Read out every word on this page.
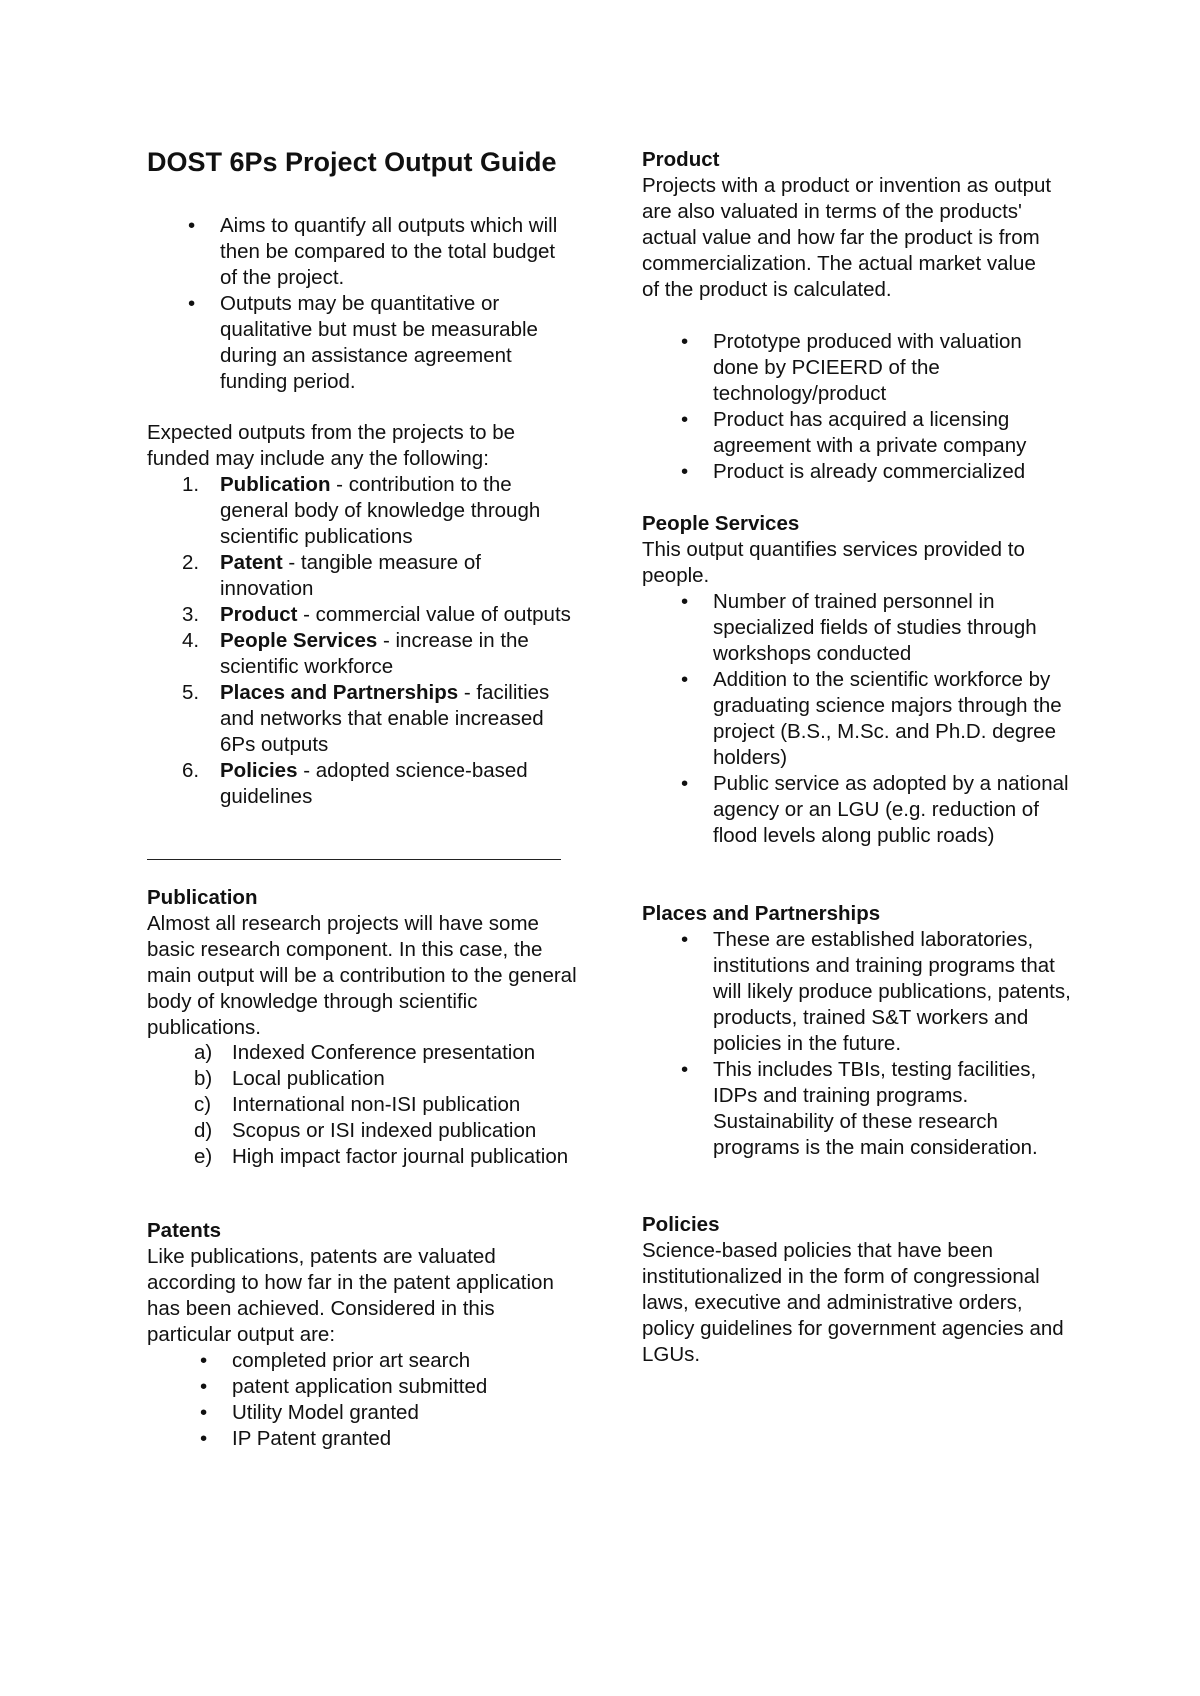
DOST 6Ps Project Output Guide
• Aims to quantify all outputs which will then be compared to the total budget of the project.
• Outputs may be quantitative or qualitative but must be measurable during an assistance agreement funding period.

Expected outputs from the projects to be funded may include any the following:

1. Publication - contribution to the general body of knowledge through scientific publications
2. Patent - tangible measure of innovation
3. Product - commercial value of outputs
4. People Services - increase in the scientific workforce
5. Places and Partnerships - facilities and networks that enable increased 6Ps outputs
6. Policies - adopted science-based guidelines
Publication

Almost all research projects will have some basic research component. In this case, the main output will be a contribution to the general body of knowledge through scientific publications.

a) Indexed Conference presentation
b) Local publication
c) International non-ISI publication
d) Scopus or ISI indexed publication
e) High impact factor journal publication
Patents

Like publications, patents are valuated according to how far in the patent application has been achieved. Considered in this particular output are:

• completed prior art search
• patent application submitted
• Utility Model granted
• IP Patent granted
Product

Projects with a product or invention as output are also valuated in terms of the products' actual value and how far the product is from commercialization. The actual market value of the product is calculated.

• Prototype produced with valuation done by PCIEERD of the technology/product
• Product has acquired a licensing agreement with a private company
• Product is already commercialized
People Services

This output quantifies services provided to people.

• Number of trained personnel in specialized fields of studies through workshops conducted
• Addition to the scientific workforce by graduating science majors through the project (B.S., M.Sc. and Ph.D. degree holders)
• Public service as adopted by a national agency or an LGU (e.g. reduction of flood levels along public roads)
Places and Partnerships
• These are established laboratories, institutions and training programs that will likely produce publications, patents, products, trained S&T workers and policies in the future.
• This includes TBIs, testing facilities, IDPs and training programs. Sustainability of these research programs is the main consideration.
Policies

Science-based policies that have been institutionalized in the form of congressional laws, executive and administrative orders, policy guidelines for government agencies and LGUs.
